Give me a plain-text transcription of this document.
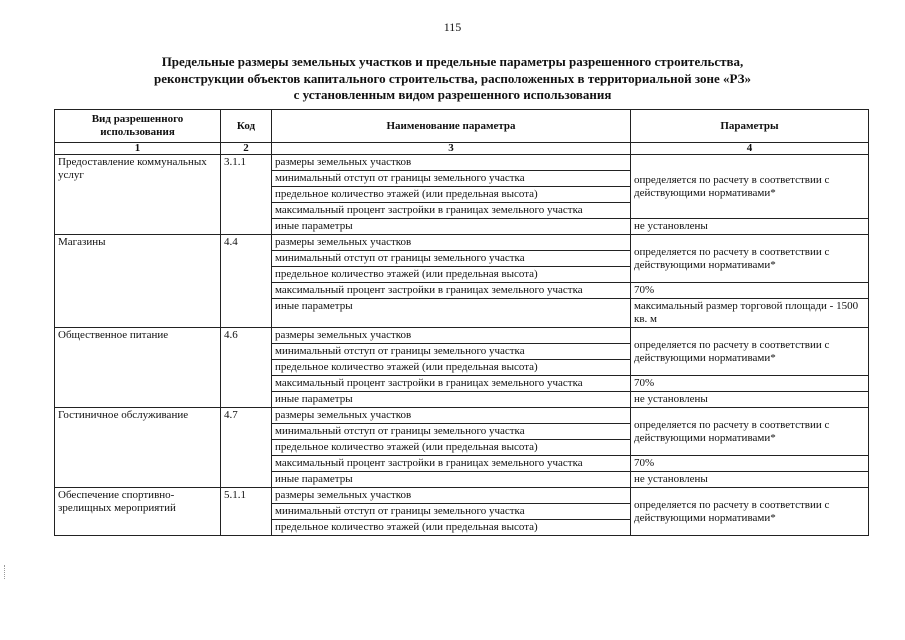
115
Предельные размеры земельных участков и предельные параметры разрешенного строительства,
реконструкции объектов капитального строительства, расположенных в территориальной зоне «РЗ»
с установленным видом разрешенного использования
Вид разрешенного использования	Код	Наименование параметра	Параметры
1	2	3	4
Предоставление коммунальных услуг	3.1.1	размеры земельных участков	определяется по расчету в соответствии с действующими нормативами*
		минимальный отступ от границы земельного участка	
		предельное количество этажей (или предельная высота)	
		максимальный процент застройки в границах земельного участка	
		иные параметры	не установлены
Магазины	4.4	размеры земельных участков	определяется по расчету в соответствии с действующими нормативами*
		минимальный отступ от границы земельного участка	
		предельное количество этажей (или предельная высота)	
		максимальный процент застройки в границах земельного участка	70%
		иные параметры	максимальный размер торговой площади - 1500 кв. м
Общественное питание	4.6	размеры земельных участков	определяется по расчету в соответствии с действующими нормативами*
		минимальный отступ от границы земельного участка	
		предельное количество этажей (или предельная высота)	
		максимальный процент застройки в границах земельного участка	70%
		иные параметры	не установлены
Гостиничное обслуживание	4.7	размеры земельных участков	определяется по расчету в соответствии с действующими нормативами*
		минимальный отступ от границы земельного участка	
		предельное количество этажей (или предельная высота)	
		максимальный процент застройки в границах земельного участка	70%
		иные параметры	не установлены
Обеспечение спортивно-зрелищных мероприятий	5.1.1	размеры земельных участков	определяется по расчету в соответствии с действующими нормативами*
		минимальный отступ от границы земельного участка	
		предельное количество этажей (или предельная высота)	
